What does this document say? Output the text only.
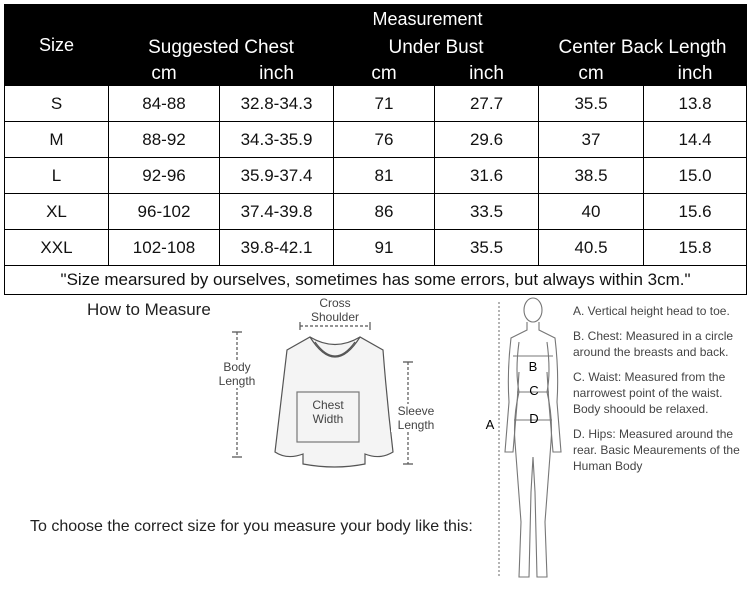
Size	Measurement					
	Suggested Chest		Under Bust		Center Back Length	
	cm	inch	cm	inch	cm	inch
S	84-88	32.8-34.3	71	27.7	35.5	13.8
M	88-92	34.3-35.9	76	29.6	37	14.4
L	92-96	35.9-37.4	81	31.6	38.5	15.0
XL	96-102	37.4-39.8	86	33.5	40	15.6
XXL	102-108	39.8-42.1	91	35.5	40.5	15.8
"Size mearsured by ourselves, sometimes has some errors, but always within 3cm."						
How to Measure	Cross
Shoulder
Body
Length
Chest
Width
Sleeve
Length
To choose the correct size for you measure your body like this:
A
B
C
D
A. Vertical height head to toe.
B. Chest: Measured in a circle around the breasts and back.
C. Waist: Measured from the narrowest point of the waist. Body shoould be relaxed.
D. Hips: Measured around the rear. Basic Meaurements of the Human Body
